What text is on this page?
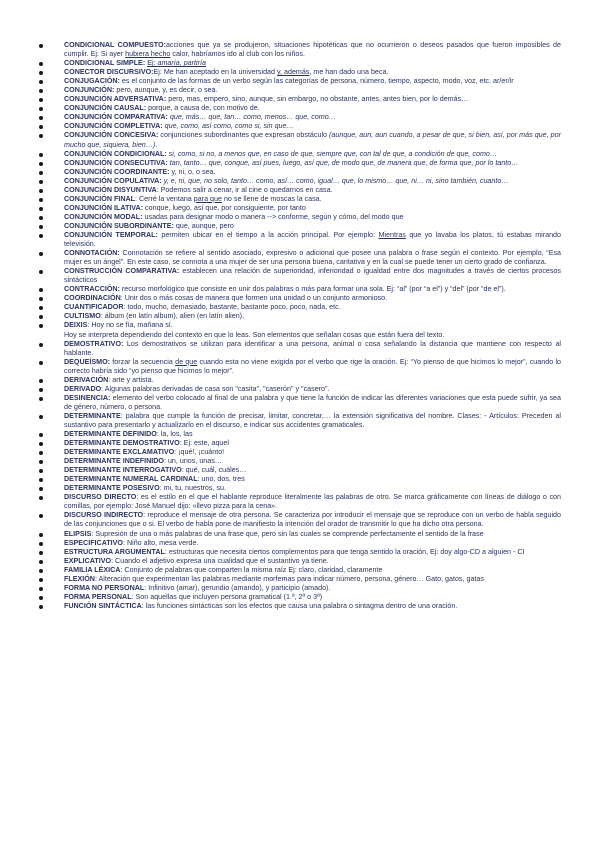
CONDICIONAL COMPUESTO:acciones que ya se produjeron, situaciones hipotéticas que no ocurrieron o deseos pasados que fueron imposibles de cumplir. Ej: Si ayer hubiera hecho calor, habríamos ido al club con los niños.
CONDICIONAL SIMPLE: Ej: amaría, partiría
CONECTOR DISCURSIVO:Ej: Me han aceptado en la universidad y, además, me han dado una beca.
CONJUGACIÓN: es el conjunto de las formas de un verbo según las categorías de persona, número, tiempo, aspecto, modo, voz, etc. ar/er/ir
CONJUNCIÓN: pero, aunque, y, es decir, o sea.
CONJUNCIÓN ADVERSATIVA: pero, mas, empero, sino, aunque, sin embargo, no obstante, antes, antes bien, por lo demás…
CONJUNCIÓN CAUSAL: porque, a causa de, con motivo de.
CONJUNCIÓN COMPARATIVA: que, más… que, tan… como, menos… que, como…
CONJUNCIÓN COMPLETIVA: que, como, así como, como si, sin que…
CONJUNCIÓN CONCESIVA: conjunciones subordinantes que expresan obstáculo (aunque, aun, aun cuando, a pesar de que, si bien, así, por más que, por mucho que, siquiera, bien…).
CONJUNCIÓN CONDICIONAL: si, como, si no, a menos que, en caso de que, siempre que, con tal de que, a condición de que, como…
CONJUNCIÓN CONSECUTIVA: tan, tanto… que, conque, así pues, luego, así que, de modo que, de manera que, de forma que, por lo tanto…
CONJUNCIÓN COORDINANTE: y, ni, o, o sea.
CONJUNCIÓN COPULATIVA: y, e, ni, que, no solo, tanto… como, así… como, igual… que, lo mismo… que, ni… ni, sino también, cuanto…
CONJUNCIÓN DISYUNTIVA: Podemos salir a cenar, ir al cine o quedarnos en casa.
CONJUNCIÓN FINAL: Cerré la ventana para que no se llene de moscas la casa.
CONJUNCIÓN ILATIVA: conque, luego, así que, por consiguiente, por tanto
CONJUNCIÓN MODAL: usadas para designar modo o manera --> conforme, según y cómo, del modo que
CONJUNCIÓN SUBORDINANTE: que, aunque, pero
CONJUNCIÓN TEMPORAL: permiten ubicar en el tiempo a la acción principal. Por ejemplo: Mientras que yo lavaba los platos, tú estabas mirando televisión.
CONNOTACIÓN: Connotación se refiere al sentido asociado, expresivo o adicional que posee una palabra o frase según el contexto. Por ejemplo, “Esa mujer es un ángel”. En este caso, se connota a una mujer de ser una persona buena, caritativa y en la cual se puede tener un cierto grado de confianza.
CONSTRUCCIÓN COMPARATIVA: establecen una relación de superioridad, inferioridad o igualdad entre dos magnitudes a través de ciertos procesos sintácticos
CONTRACCIÓN: recurso morfológico que consiste en unir dos palabras o más para formar una sola. Ej: “al” (por “a el”) y “del” (por “de el”).
COORDINACIÓN: Unir dos o más cosas de manera que formen una unidad o un conjunto armonioso.
CUANTIFICADOR: todo, mucho, demasiado, bastante, bastante poco, poco, nada, etc.
CULTISMO: álbum (en latín album), alien (en latín alien),
DEIXIS: Hoy no se fía, mañana sí.
Hoy se interpreta dependiendo del contexto en que lo leas. Son elementos que señalan cosas que están fuera del texto.
DEMOSTRATIVO: Los demostrativos se utilizan para identificar a una persona, animal o cosa señalando la distancia que mantiene con respecto al hablante.
DEQUEÍSMO: forzar la secuencia de que cuando esta no viene exigida por el verbo que rige la oración. Ej: “Yo pienso de que hicimos lo mejor”, cuando lo correcto habría sido “yo pienso que hicimos lo mejor”.
DERIVACIÓN: arte y artista.
DERIVADO: Algunas palabras derivadas de casa son "casita", "caserón" y "casero".
DESINENCIA: elemento del verbo colocado al final de una palabra y que tiene la función de indicar las diferentes variaciones que esta puede sufrir, ya sea de género, número, o persona.
DETERMINANTE: palabra que cumple la función de precisar, limitar, concretar,… la extensión significativa del nombre. Clases: - Artículos: Preceden al sustantivo para presentarlo y actualizarlo en el discurso, e indicar sus accidentes gramaticales.
DETERMINANTE DEFINIDO: la, los, las
DETERMINANTE DEMOSTRATIVO: Ej: este, aquel
DETERMINANTE EXCLAMATIVO: ¡qué!, ¡cuánto!
DETERMINANTE INDEFINIDO: un, unos, unas…
DETERMINANTE INTERROGATIVO: qué, cuál, cuáles…
DETERMINANTE NUMERAL CARDINAL: uno, dos, tres
DETERMINANTE POSESIVO: mi, tu, nuestros, su.
DISCURSO DIRECTO: es el estilo en el que el hablante reproduce literalmente las palabras de otro. Se marca gráficamente con líneas de diálogo o con comillas, por ejemplo: José Manuel dijo: «llevo pizza para la cena».
DISCURSO INDIRECTO: reproduce el mensaje de otra persona. Se caracteriza por introducir el mensaje que se reproduce con un verbo de habla seguido de las conjunciones que o si. El verbo de habla pone de manifiesto la intención del orador de transmitir lo que ha dicho otra persona.
ELIPSIS: Supresión de una o más palabras de una frase que, pero sin las cuales se comprende perfectamente el sentido de la frase
ESPECIFICATIVO: Niño alto, mesa verde.
ESTRUCTURA ARGUMENTAL: estructuras que necesita ciertos complementos para que tenga sentido la oración, Ej: doy algo-CD a alguien - CI
EXPLICATIVO: Cuando el adjetivo expresa una cualidad que el sustantivo ya tiene.
FAMILIA LÉXICA: Conjunto de palabras que comparten la misma raíz Ej: claro, claridad, claramente
FLEXIÓN: Alteración que experimentan las palabras mediante morfemas para indicar número, persona, género… Gato, gatos, gatas
FORMA NO PERSONAL: Infinitivo (amar), gerundio (amando), y participio (amado).
FORMA PERSONAL: Son aquellas que incluyen persona gramatical (1.ª, 2ª o 3ª)
FUNCIÓN SINTÁCTICA: las funciones sintácticas son los efectos que causa una palabra o sintagma dentro de una oración.
